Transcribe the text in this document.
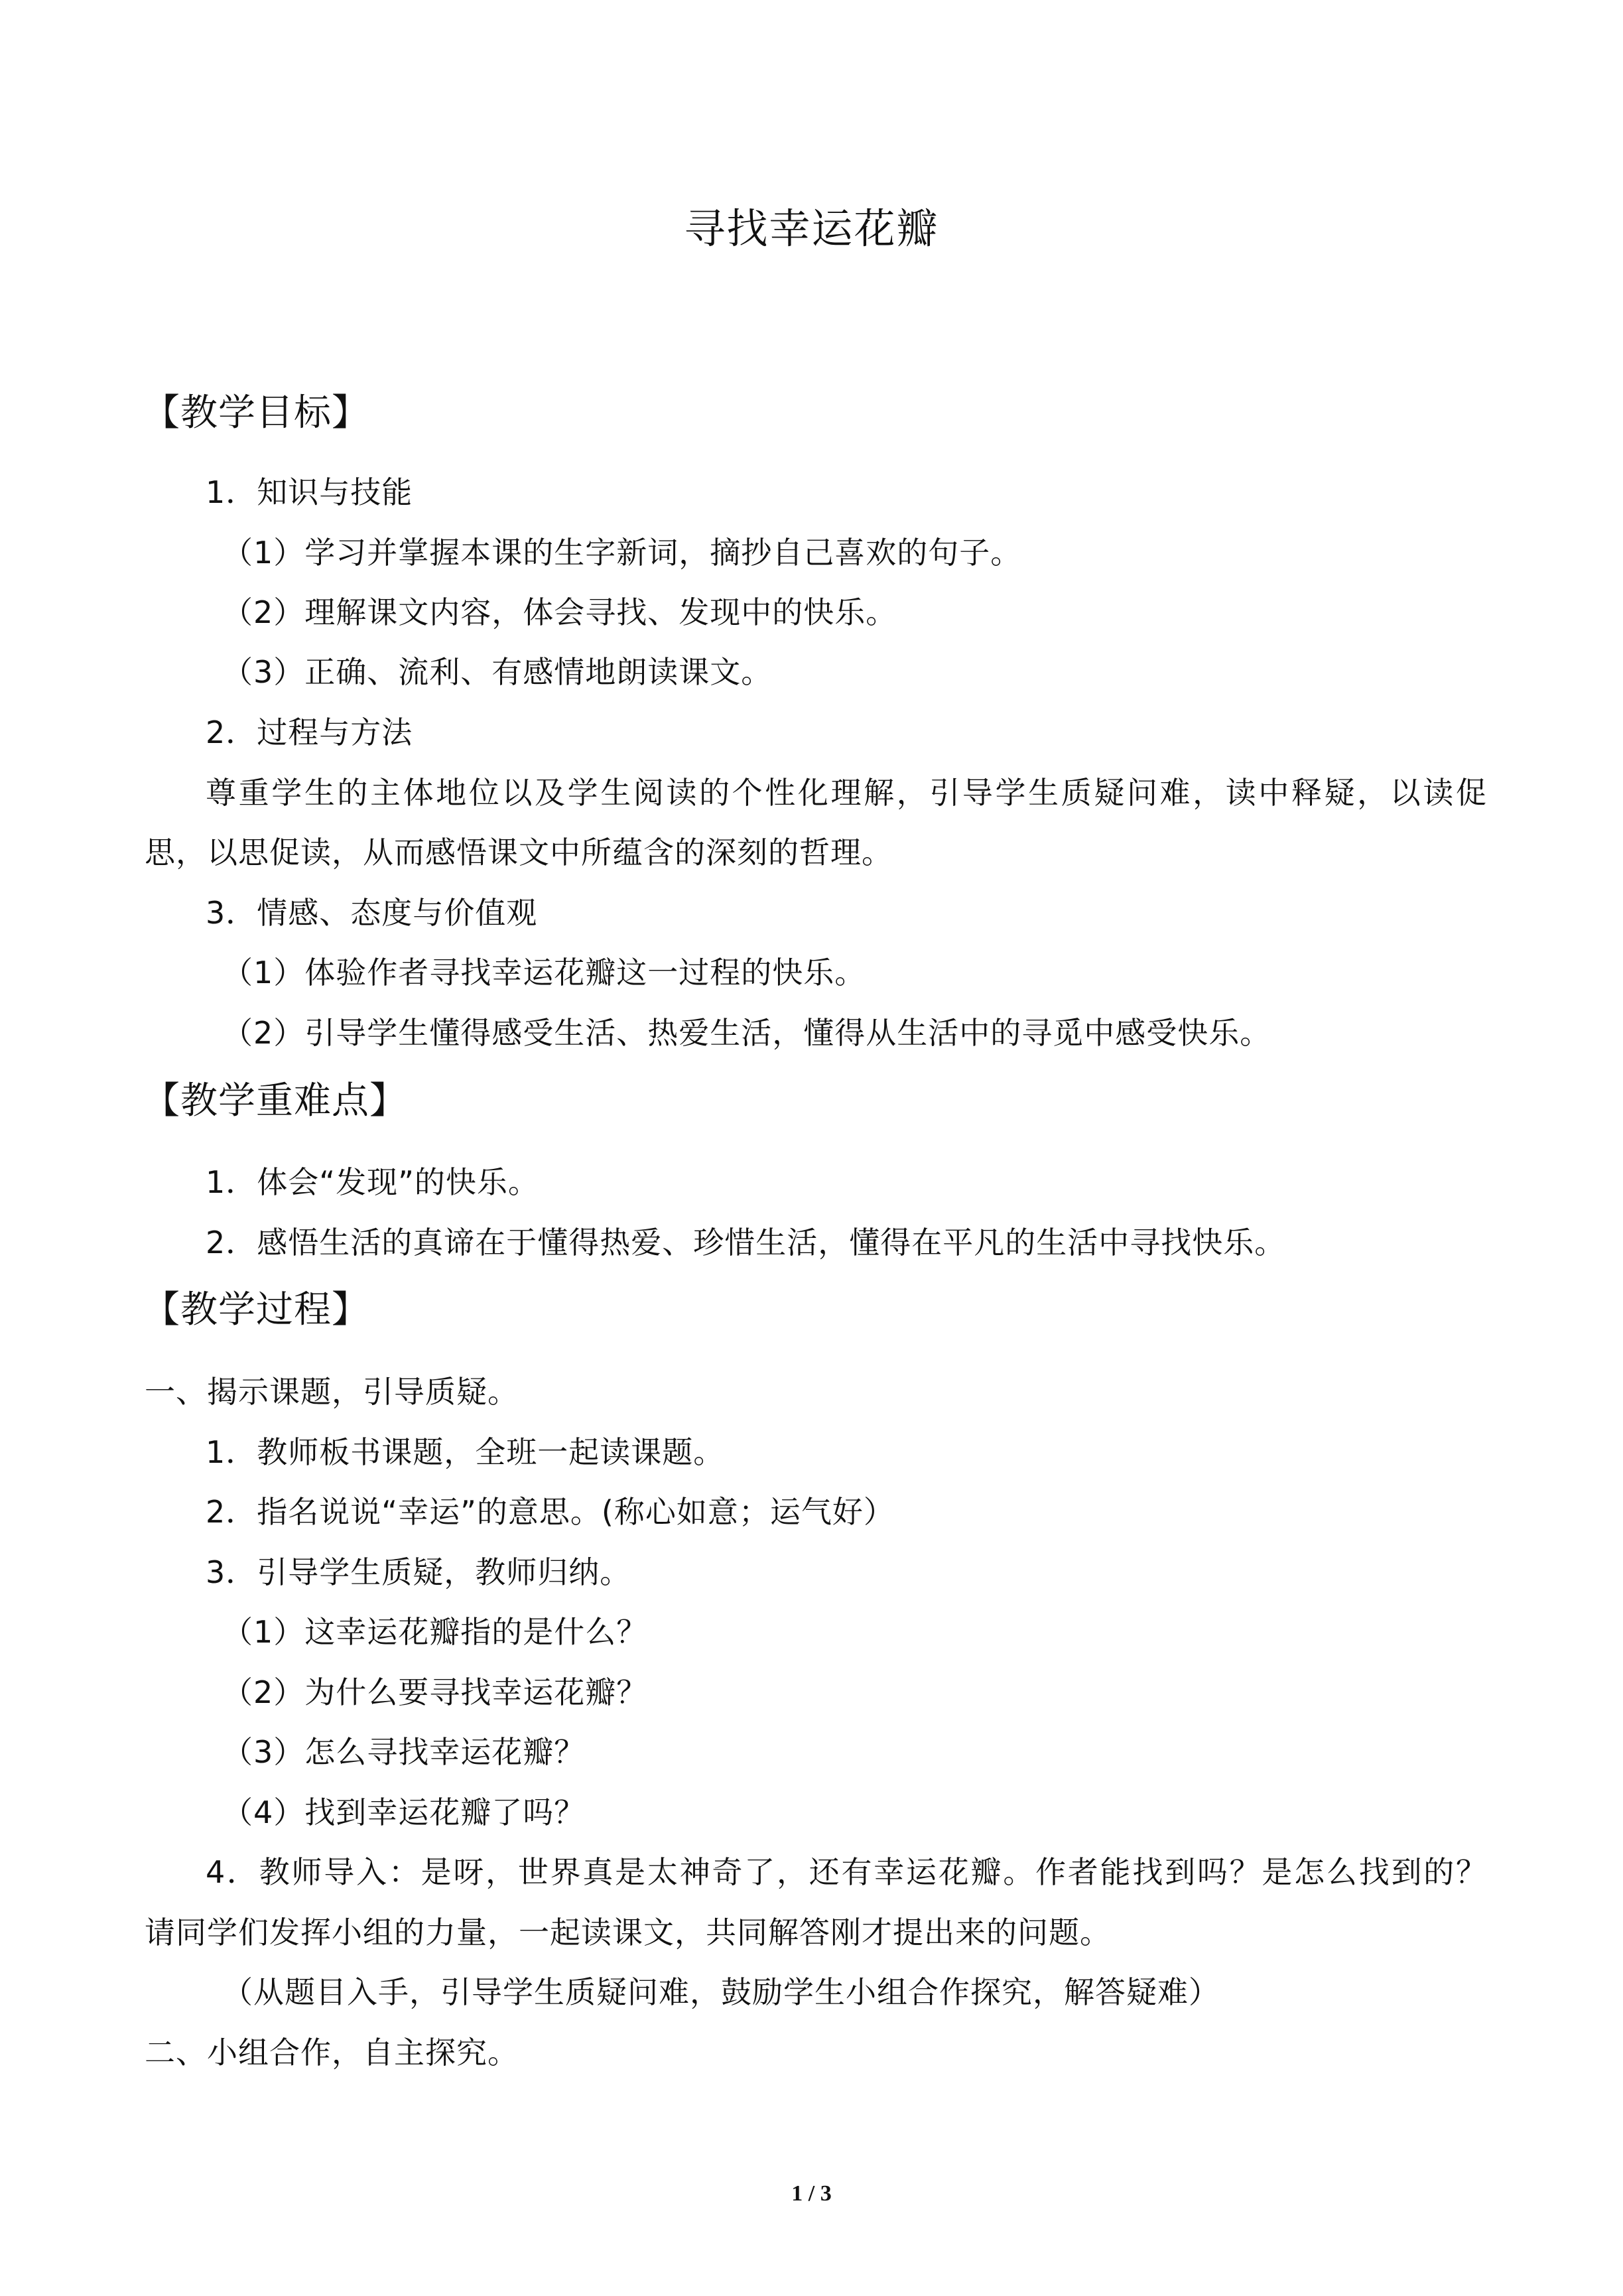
寻找幸运花瓣
【教学目标】
1．知识与技能
（1）学习并掌握本课的生字新词，摘抄自己喜欢的句子。
（2）理解课文内容，体会寻找、发现中的快乐。
（3）正确、流利、有感情地朗读课文。
2．过程与方法
尊重学生的主体地位以及学生阅读的个性化理解，引导学生质疑问难，读中释疑，以读促
思，以思促读，从而感悟课文中所蕴含的深刻的哲理。
3．情感、态度与价值观
（1）体验作者寻找幸运花瓣这一过程的快乐。
（2）引导学生懂得感受生活、热爱生活，懂得从生活中的寻觅中感受快乐。
【教学重难点】
1．体会“发现”的快乐。
2．感悟生活的真谛在于懂得热爱、珍惜生活，懂得在平凡的生活中寻找快乐。
【教学过程】
一、揭示课题，引导质疑。
1．教师板书课题，全班一起读课题。
2．指名说说“幸运”的意思。(称心如意；运气好）
3．引导学生质疑，教师归纳。
（1）这幸运花瓣指的是什么？
（2）为什么要寻找幸运花瓣？
（3）怎么寻找幸运花瓣？
（4）找到幸运花瓣了吗？
4．教师导入：是呀，世界真是太神奇了，还有幸运花瓣。作者能找到吗？是怎么找到的？
请同学们发挥小组的力量，一起读课文，共同解答刚才提出来的问题。
（从题目入手，引导学生质疑问难，鼓励学生小组合作探究，解答疑难）
二、小组合作，自主探究。
1 / 3
